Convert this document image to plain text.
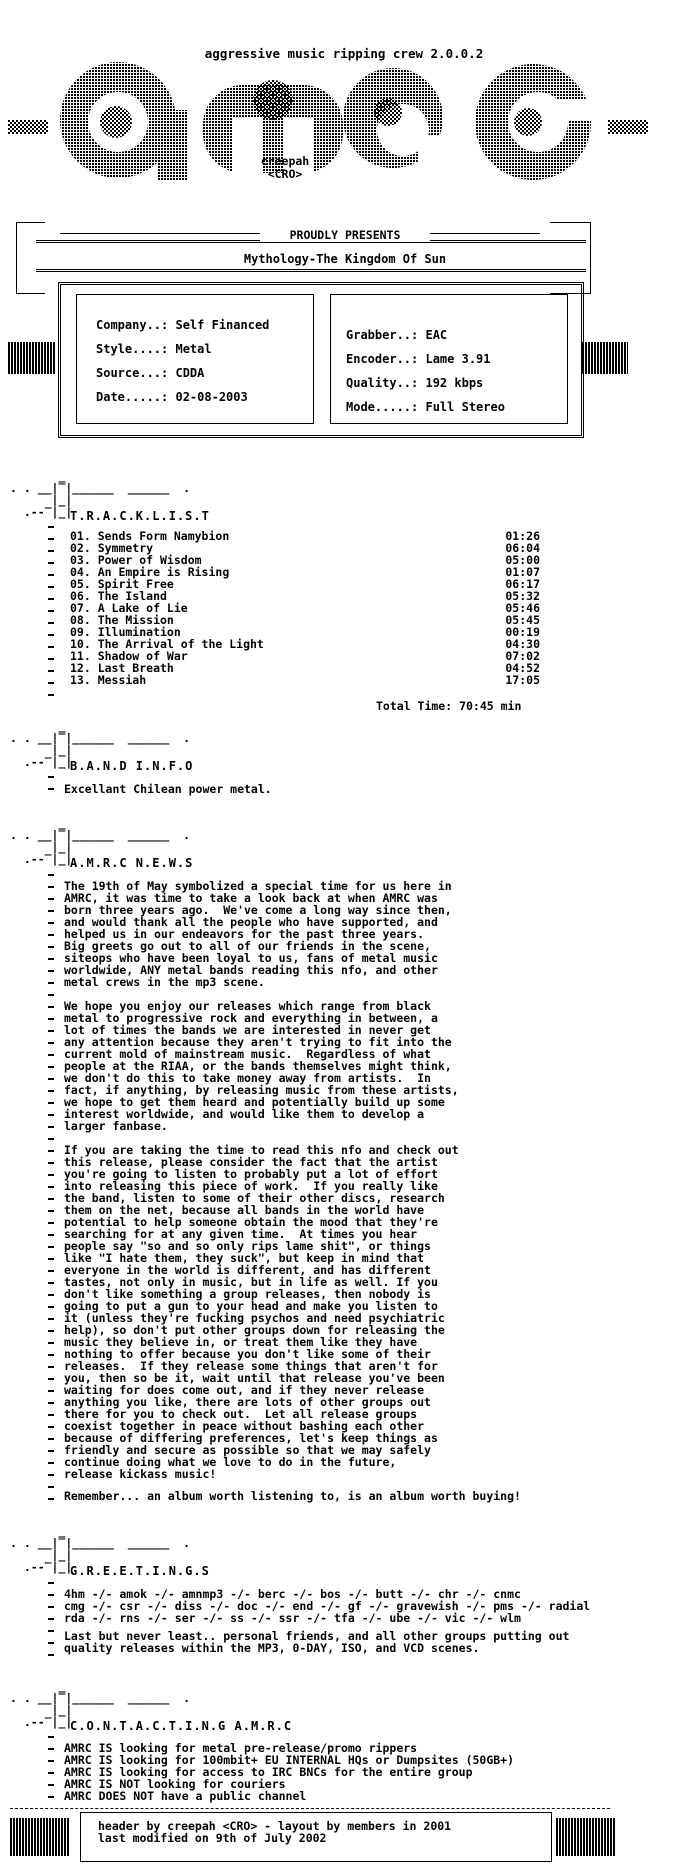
aggressive music ripping crew 2.0.0.2
creepah
<CRO>
PROUDLY PRESENTS
Mythology-The Kingdom Of Sun
Company..: Self Financed
Style....: Metal
Source...: CDDA
Date.....: 02-08-2003
Grabber..: EAC
Encoder..: Lame 3.91
Quality..: 192 kbps
Mode.....: Full Stereo
_
. . __|‾|______  ______  .
|_|
.--‾|_|
T.R.A.C.K.L.I.S.T
01. Sends Form Namybion	01:26
02. Symmetry	06:04
03. Power of Wisdom	05:00
04. An Empire is Rising	01:07
05. Spirit Free	06:17
06. The Island	05:32
07. A Lake of Lie	05:46
08. The Mission	05:45
09. Illumination	00:19
10. The Arrival of the Light	04:30
11. Shadow of War	07:02
12. Last Breath	04:52
13. Messiah	17:05
Total Time: 70:45 min
_
. . __|‾|______  ______  .
|_|
.--‾|_|
B.A.N.D I.N.F.O
Excellant Chilean power metal.
_
. . __|‾|______  ______  .
|_|
.--‾|_|
A.M.R.C N.E.W.S
The 19th of May symbolized a special time for us here in
AMRC, it was time to take a look back at when AMRC was
born three years ago.  We've come a long way since then,
and would thank all the people who have supported, and
helped us in our endeavors for the past three years.
Big greets go out to all of our friends in the scene,
siteops who have been loyal to us, fans of metal music
worldwide, ANY metal bands reading this nfo, and other
metal crews in the mp3 scene.
We hope you enjoy our releases which range from black
metal to progressive rock and everything in between, a
lot of times the bands we are interested in never get
any attention because they aren't trying to fit into the
current mold of mainstream music.  Regardless of what
people at the RIAA, or the bands themselves might think,
we don't do this to take money away from artists.  In
fact, if anything, by releasing music from these artists,
we hope to get them heard and potentially build up some
interest worldwide, and would like them to develop a
larger fanbase.
If you are taking the time to read this nfo and check out
this release, please consider the fact that the artist
you're going to listen to probably put a lot of effort
into releasing this piece of work.  If you really like
the band, listen to some of their other discs, research
them on the net, because all bands in the world have
potential to help someone obtain the mood that they're
searching for at any given time.  At times you hear
people say "so and so only rips lame shit", or things
like "I hate them, they suck", but keep in mind that
everyone in the world is different, and has different
tastes, not only in music, but in life as well. If you
don't like something a group releases, then nobody is
going to put a gun to your head and make you listen to
it (unless they're fucking psychos and need psychiatric
help), so don't put other groups down for releasing the
music they believe in, or treat them like they have
nothing to offer because you don't like some of their
releases.  If they release some things that aren't for
you, then so be it, wait until that release you've been
waiting for does come out, and if they never release
anything you like, there are lots of other groups out
there for you to check out.  Let all release groups
coexist together in peace without bashing each other
because of differing preferences, let's keep things as
friendly and secure as possible so that we may safely
continue doing what we love to do in the future,
release kickass music!
Remember... an album worth listening to, is an album worth buying!
_
. . __|‾|______  ______  .
|_|
.--‾|_|
G.R.E.E.T.I.N.G.S
4hm -/- amok -/- amnmp3 -/- berc -/- bos -/- butt -/- chr -/- cnmc
cmg -/- csr -/- diss -/- doc -/- end -/- gf -/- gravewish -/- pms -/- radial
rda -/- rns -/- ser -/- ss -/- ssr -/- tfa -/- ube -/- vic -/- wlm
Last but never least.. personal friends, and all other groups putting out
quality releases within the MP3, 0-DAY, ISO, and VCD scenes.
_
. . __|‾|______  ______  .
|_|
.--‾|_|
C.O.N.T.A.C.T.I.N.G A.M.R.C
AMRC IS looking for metal pre-release/promo rippers
AMRC IS looking for 100mbit+ EU INTERNAL HQs or Dumpsites (50GB+)
AMRC IS looking for access to IRC BNCs for the entire group
AMRC IS NOT looking for couriers
AMRC DOES NOT have a public channel
header by creepah <CRO> - layout by members in 2001
last modified on 9th of July 2002
